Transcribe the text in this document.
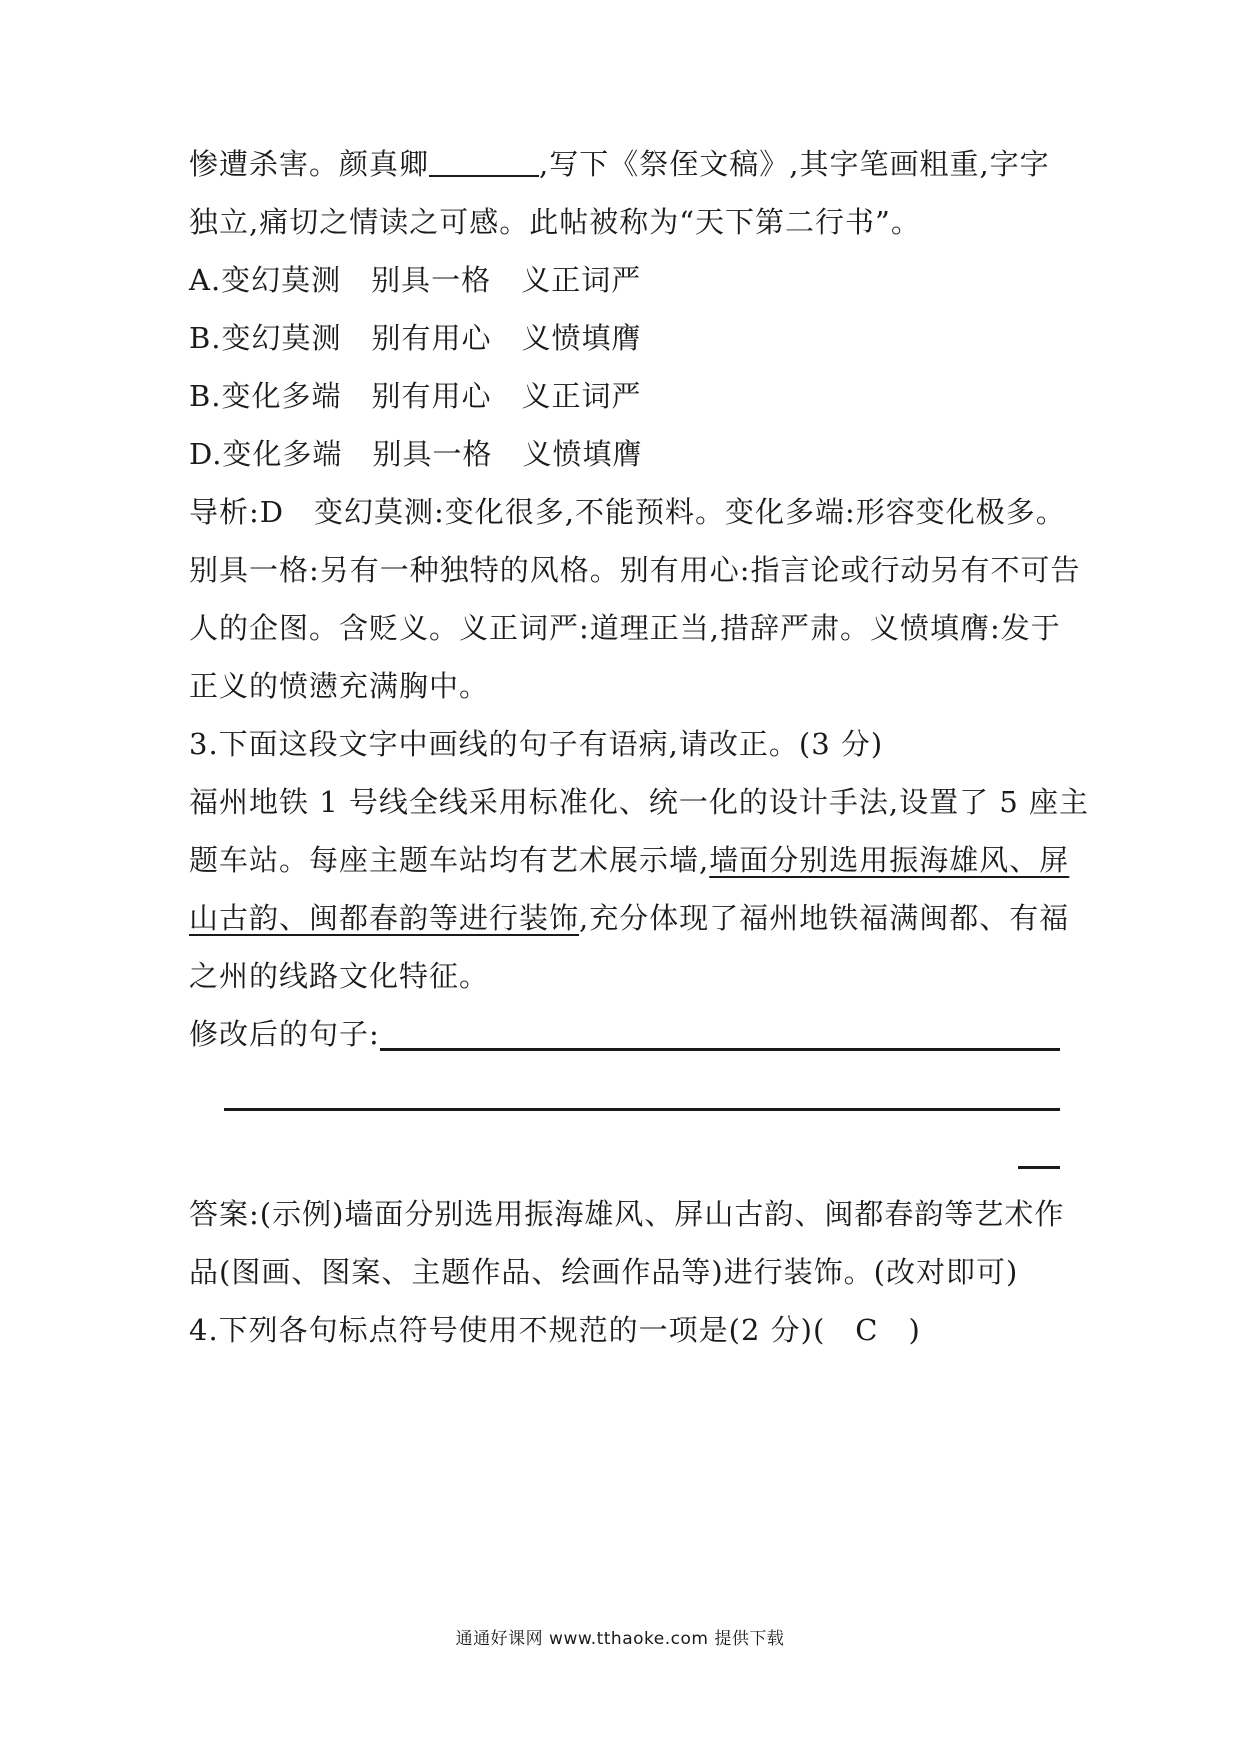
惨遭杀害。颜真卿	,写下《祭侄文稿》,其字笔画粗重,字字
独立,痛切之情读之可感。此帖被称为“天下第二行书”。
A.变幻莫测 别具一格 义正词严
B.变幻莫测 别有用心 义愤填膺
B.变化多端 别有用心 义正词严
D.变化多端 别具一格 义愤填膺
导析:D　变幻莫测:变化很多,不能预料。变化多端:形容变化极多。
别具一格:另有一种独特的风格。别有用心:指言论或行动另有不可告
人的企图。含贬义。义正词严:道理正当,措辞严肃。义愤填膺:发于
正义的愤懑充满胸中。
3.下面这段文字中画线的句子有语病,请改正。(3 分)
福州地铁 1 号线全线采用标准化、统一化的设计手法,设置了 5 座主
题车站。每座主题车站均有艺术展示墙,墙面分别选用振海雄风、屏
山古韵、闽都春韵等进行装饰,充分体现了福州地铁福满闽都、有福
之州的线路文化特征。
修改后的句子:
答案:(示例)墙面分别选用振海雄风、屏山古韵、闽都春韵等艺术作
品(图画、图案、主题作品、绘画作品等)进行装饰。(改对即可)
4.下列各句标点符号使用不规范的一项是(2 分)(　C　)
通通好课网 www.tthaoke.com 提供下载
